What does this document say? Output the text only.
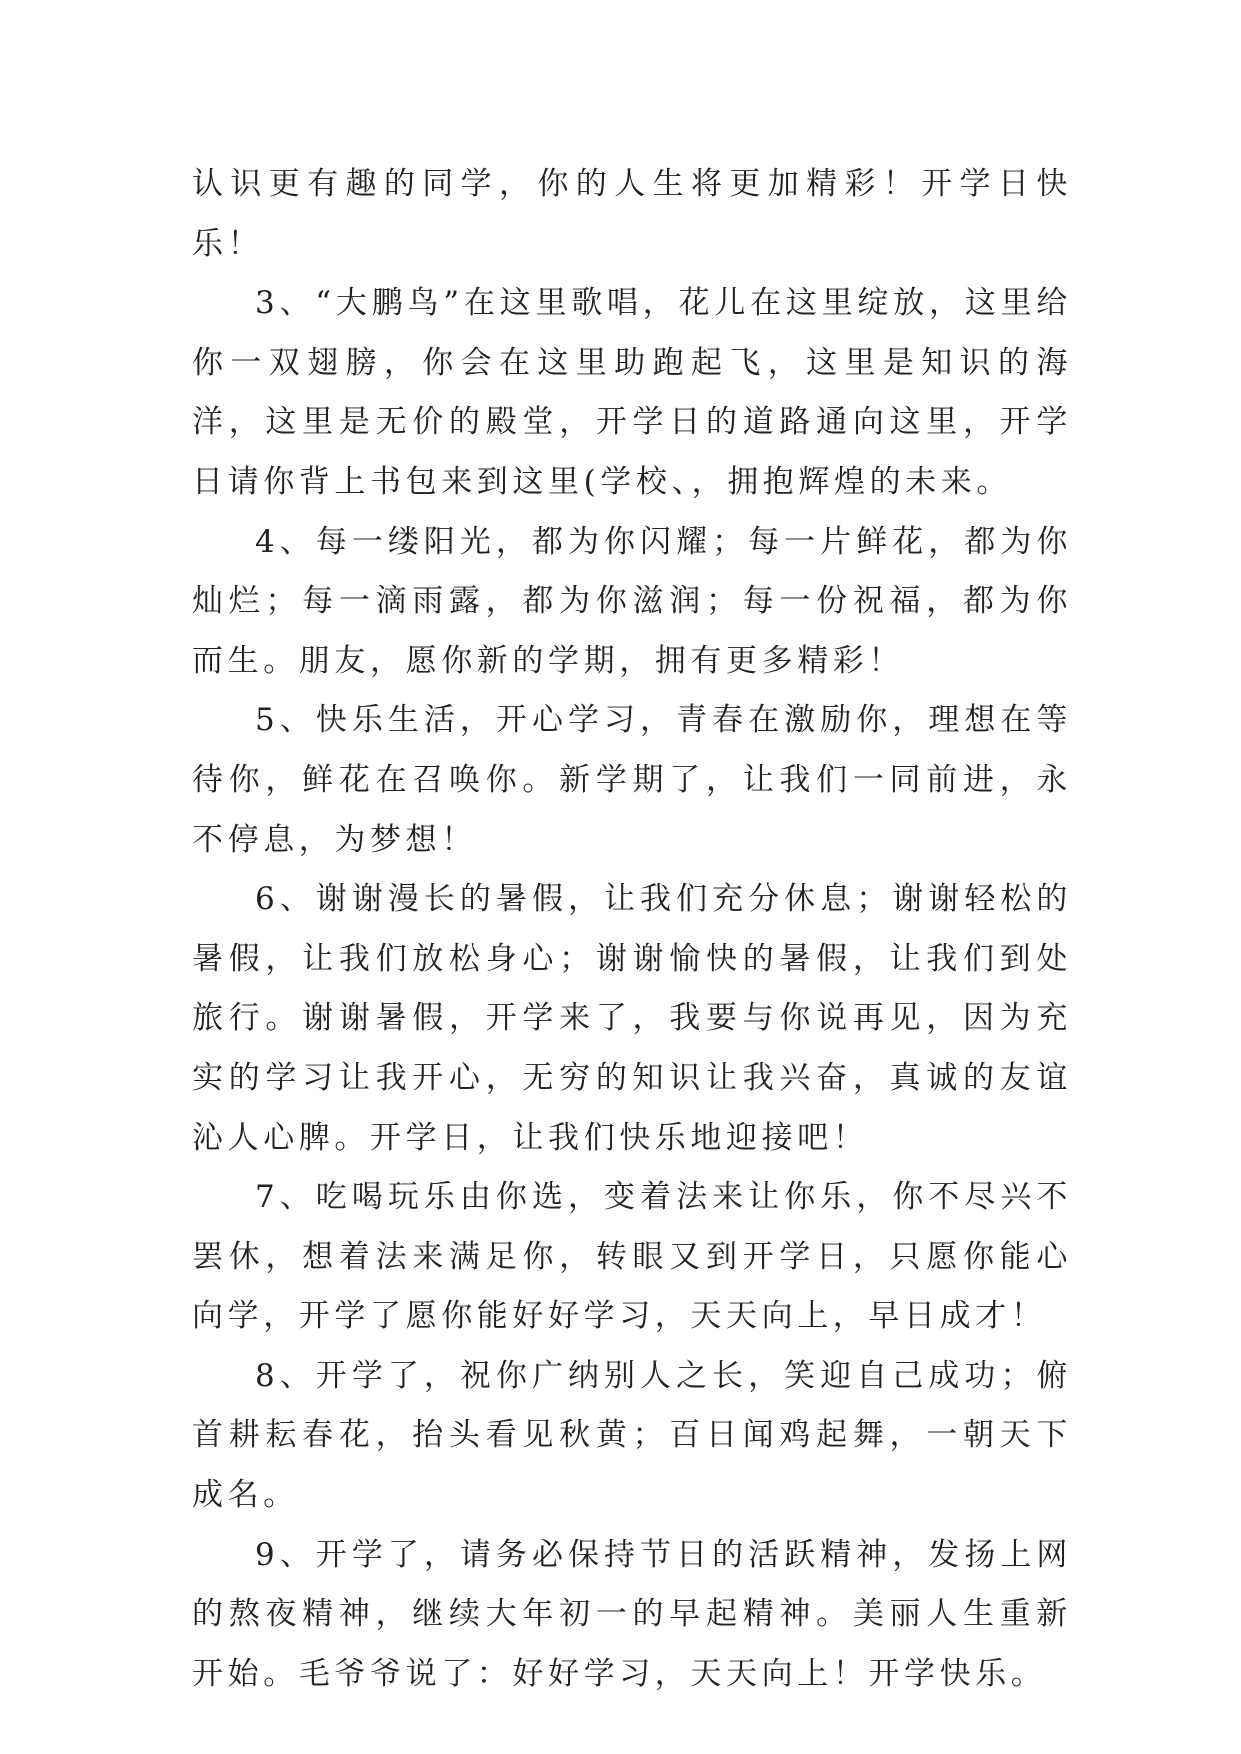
认识更有趣的同学，你的人生将更加精彩！开学日快乐！

3、“大鹏鸟”在这里歌唱，花儿在这里绽放，这里给你一双翅膀，你会在这里助跑起飞，这里是知识的海洋，这里是无价的殿堂，开学日的道路通向这里，开学日请你背上书包来到这里(学校、，拥抱辉煌的未来。

4、每一缕阳光，都为你闪耀；每一片鲜花，都为你灿烂；每一滴雨露，都为你滋润；每一份祝福，都为你而生。朋友，愿你新的学期，拥有更多精彩！

5、快乐生活，开心学习，青春在激励你，理想在等待你，鲜花在召唤你。新学期了，让我们一同前进，永不停息，为梦想！

6、谢谢漫长的暑假，让我们充分休息；谢谢轻松的暑假，让我们放松身心；谢谢愉快的暑假，让我们到处旅行。谢谢暑假，开学来了，我要与你说再见，因为充实的学习让我开心，无穷的知识让我兴奋，真诚的友谊沁人心脾。开学日，让我们快乐地迎接吧！

7、吃喝玩乐由你选，变着法来让你乐，你不尽兴不罢休，想着法来满足你，转眼又到开学日，只愿你能心向学，开学了愿你能好好学习，天天向上，早日成才！

8、开学了，祝你广纳别人之长，笑迎自己成功；俯首耕耘春花，抬头看见秋黄；百日闻鸡起舞，一朝天下成名。

9、开学了，请务必保持节日的活跃精神，发扬上网的熬夜精神，继续大年初一的早起精神。美丽人生重新开始。毛爷爷说了：好好学习，天天向上！开学快乐。
